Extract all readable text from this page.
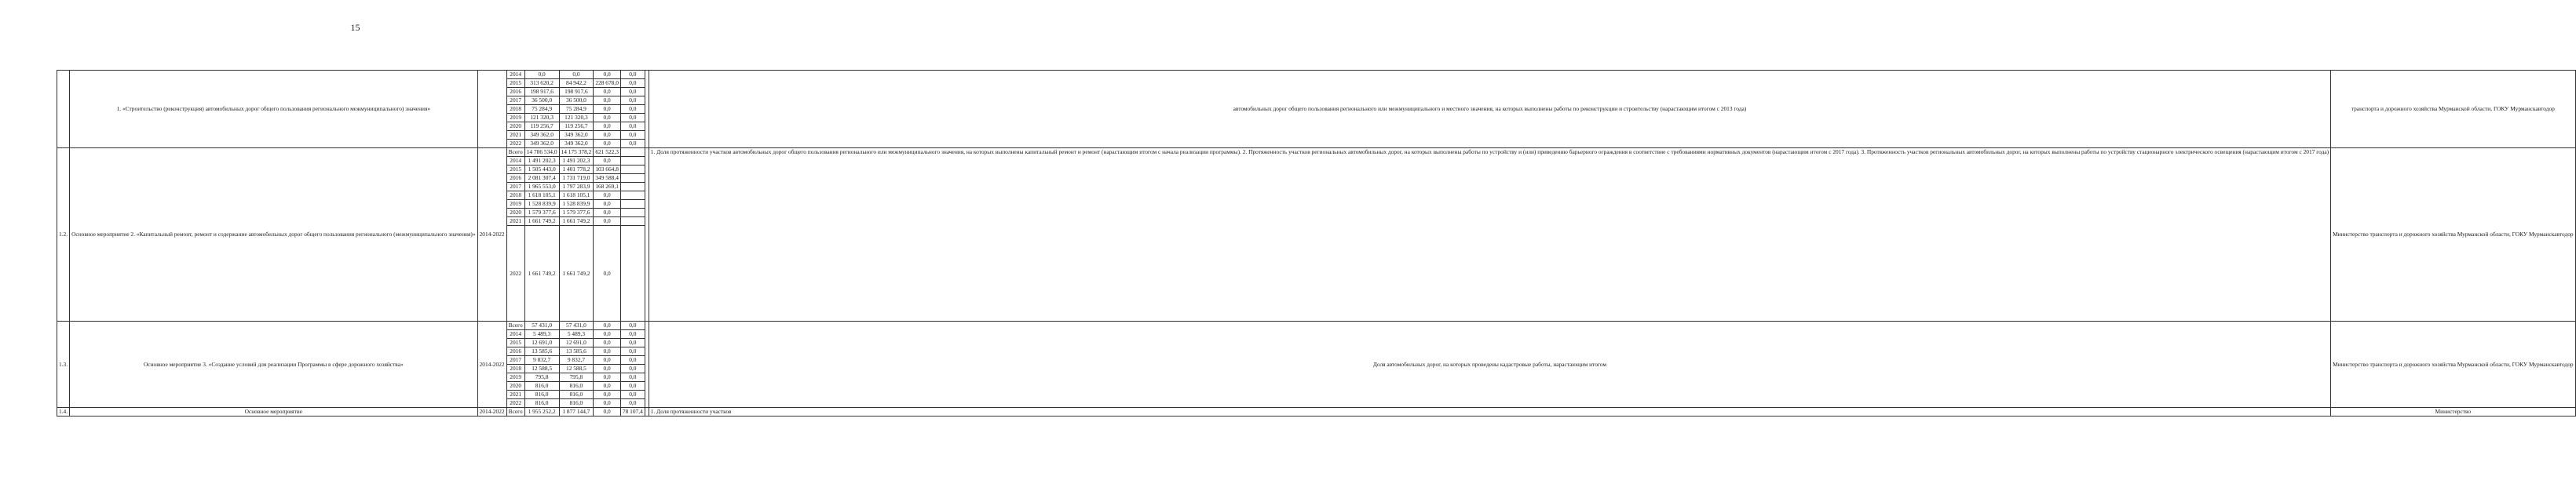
15
	1. «Строительство (реконструкция) автомобильных дорог общего пользования регионального межмуниципального) значения»		2014	0,0	0,0	0,0	0,0		автомобильных дорог общего пользования регионального или межмуниципального и местного значения, на которых выполнены работы по реконструкции и строительству (нарастающим итогом с 2013 года)	транспорта и дорожного хозяйства Мурманской области, ГОКУ Мурманскавтодор
			2015	313 620,2	84 942,2	228 678,0	0,0			
			2016	198 917,6	198 917,6	0,0	0,0			
			2017	36 500,0	36 500,0	0,0	0,0			
			2018	75 284,9	75 284,9	0,0	0,0			
			2019	121 320,3	121 320,3	0,0	0,0			
			2020	119 256,7	119 256,7	0,0	0,0			
			2021	349 362,0	349 362,0	0,0	0,0			
			2022	349 362,0	349 362,0	0,0	0,0			
1.2.	Основное мероприятие 2. «Капитальный ремонт, ремонт и содержание автомобильных дорог общего пользования регионального (межмуниципального значения)»	2014-2022	Всего	14 786 534,0	14 175 378,2	621 522,3			1. Доля протяженности участков автомобильных дорог общего пользования регионального или межмуниципального значения, на которых выполнены капитальный ремонт и ремонт (нарастающим итогом с начала реализации программы). 2. Протяженность участков региональных автомобильных дорог, на которых выполнены работы по устройству и (или) приведению барьерного ограждения в соответствие с требованиями нормативных документов (нарастающим итогом с 2017 года). 3. Протяженность участков региональных автомобильных дорог, на которых выполнены работы по устройству стационарного электрического освещения (нарастающим итогом с 2017 года)	Министерство транспорта и дорожного хозяйства Мурманской области, ГОКУ Мурманскавтодор
			2014	1 491 202,3	1 491 202,3	0,0				
			2015	1 505 443,0	1 401 778,2	103 664,8				
			2016	2 081 307,4	1 731 719,0	349 588,4				
			2017	1 965 553,0	1 797 283,9	168 269,1				
			2018	1 618 105,1	1 618 105,1	0,0				
			2019	1 528 839,9	1 528 839,9	0,0				
			2020	1 579 377,6	1 579 377,6	0,0				
			2021	1 661 749,2	1 661 749,2	0,0				
			2022	1 661 749,2	1 661 749,2	0,0				
1.3.	Основное мероприятие 3. «Создание условий для реализации Программы в сфере дорожного хозяйства»	2014-2022	Всего	57 431,0	57 431,0	0,0	0,0		Доля автомобильных дорог, на которых проведены кадастровые работы, нарастающим итогом	Министерство транспорта и дорожного хозяйства Мурманской области, ГОКУ Мурманскавтодор
			2014	5 489,3	5 489,3	0,0	0,0			
			2015	12 691,0	12 691,0	0,0	0,0			
			2016	13 585,6	13 585,6	0,0	0,0			
			2017	9 832,7	9 832,7	0,0	0,0			
			2018	12 588,5	12 588,5	0,0	0,0			
			2019	795,8	795,8	0,0	0,0			
			2020	816,0	816,0	0,0	0,0			
			2021	816,0	816,0	0,0	0,0			
			2022	816,0	816,0	0,0	0,0			
1.4.	Основное мероприятие	2014-2022	Всего	1 955 252,2	1 877 144,7	0,0	78 107,4		1. Доля протяженности участков	Министерство
